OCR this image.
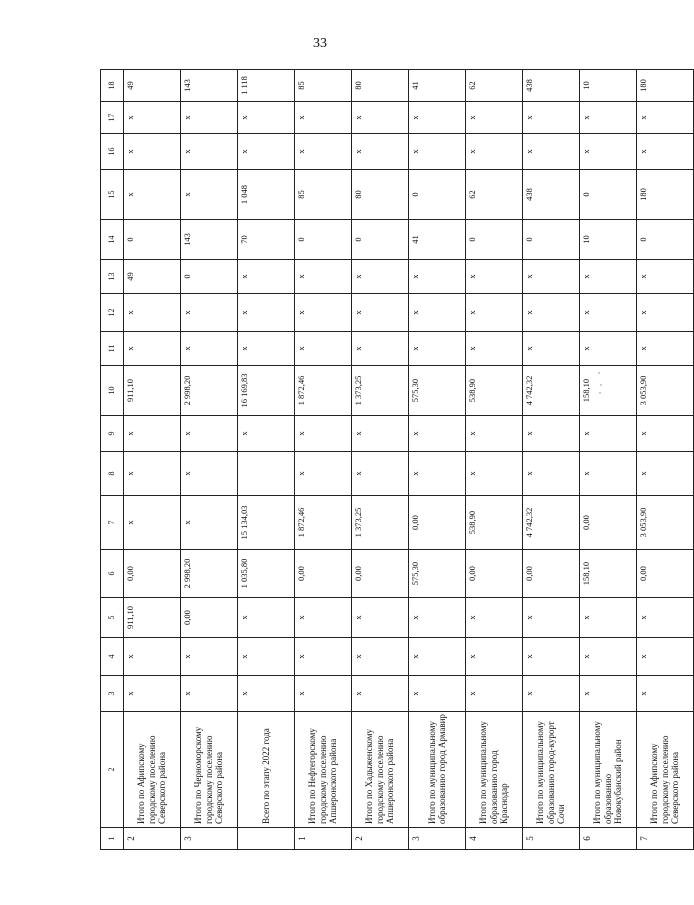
33
1	2	3	4	5	6	7	8	9	10	11	12	13	14	15	16	17	18
2	Итого по Афипскому городскому поселению Северского района	x	x	911,10	0,00	x	x	x	911,10	x	x	49	0	x	x	x	49
3	Итого по Черноморскому городскому поселению Северского района	x	x	0,00	2 998,20	x	x	x	2 998,20	x	x	0	143	x	x	x	143
	Всего по этапу 2022 года	x	x	x	1 035,80	15 134,03		x	16 169,83	x	x	x	70	1 048	x	x	1 118
1	Итого по Нефтегорскому городскому поселению Апшеронского района	x	x	x	0,00	1 872,46	x	x	1 872,46	x	x	x	0	85	x	x	85
2	Итого по Хадыженскому городскому поселению Апшеронского района	x	x	x	0,00	1 373,25	x	x	1 373,25	x	x	x	0	80	x	x	80
3	Итого по муниципальному образованию город Армавир	x	x	x	575,30	0,00	x	x	575,30	x	x	x	41	0	x	x	41
4	Итого по муниципальному образованию город Краснодар	x	x	x	0,00	538,90	x	x	538,90	x	x	x	0	62	x	x	62
5	Итого по муниципальному образованию город-курорт Сочи	x	x	x	0,00	4 742,32	x	x	4 742,32	x	x	x	0	438	x	x	438
6	Итого по муниципальному образованию Новокубанский район	x	x	x	158,10	0,00	x	x	158,10	x	x	x	10	0	x	x	10
7	Итого по Афипскому городскому поселению Северского района	x	x	x	0,00	3 053,90	x	x	3 053,90	x	x	x	0	180	x	x	180
